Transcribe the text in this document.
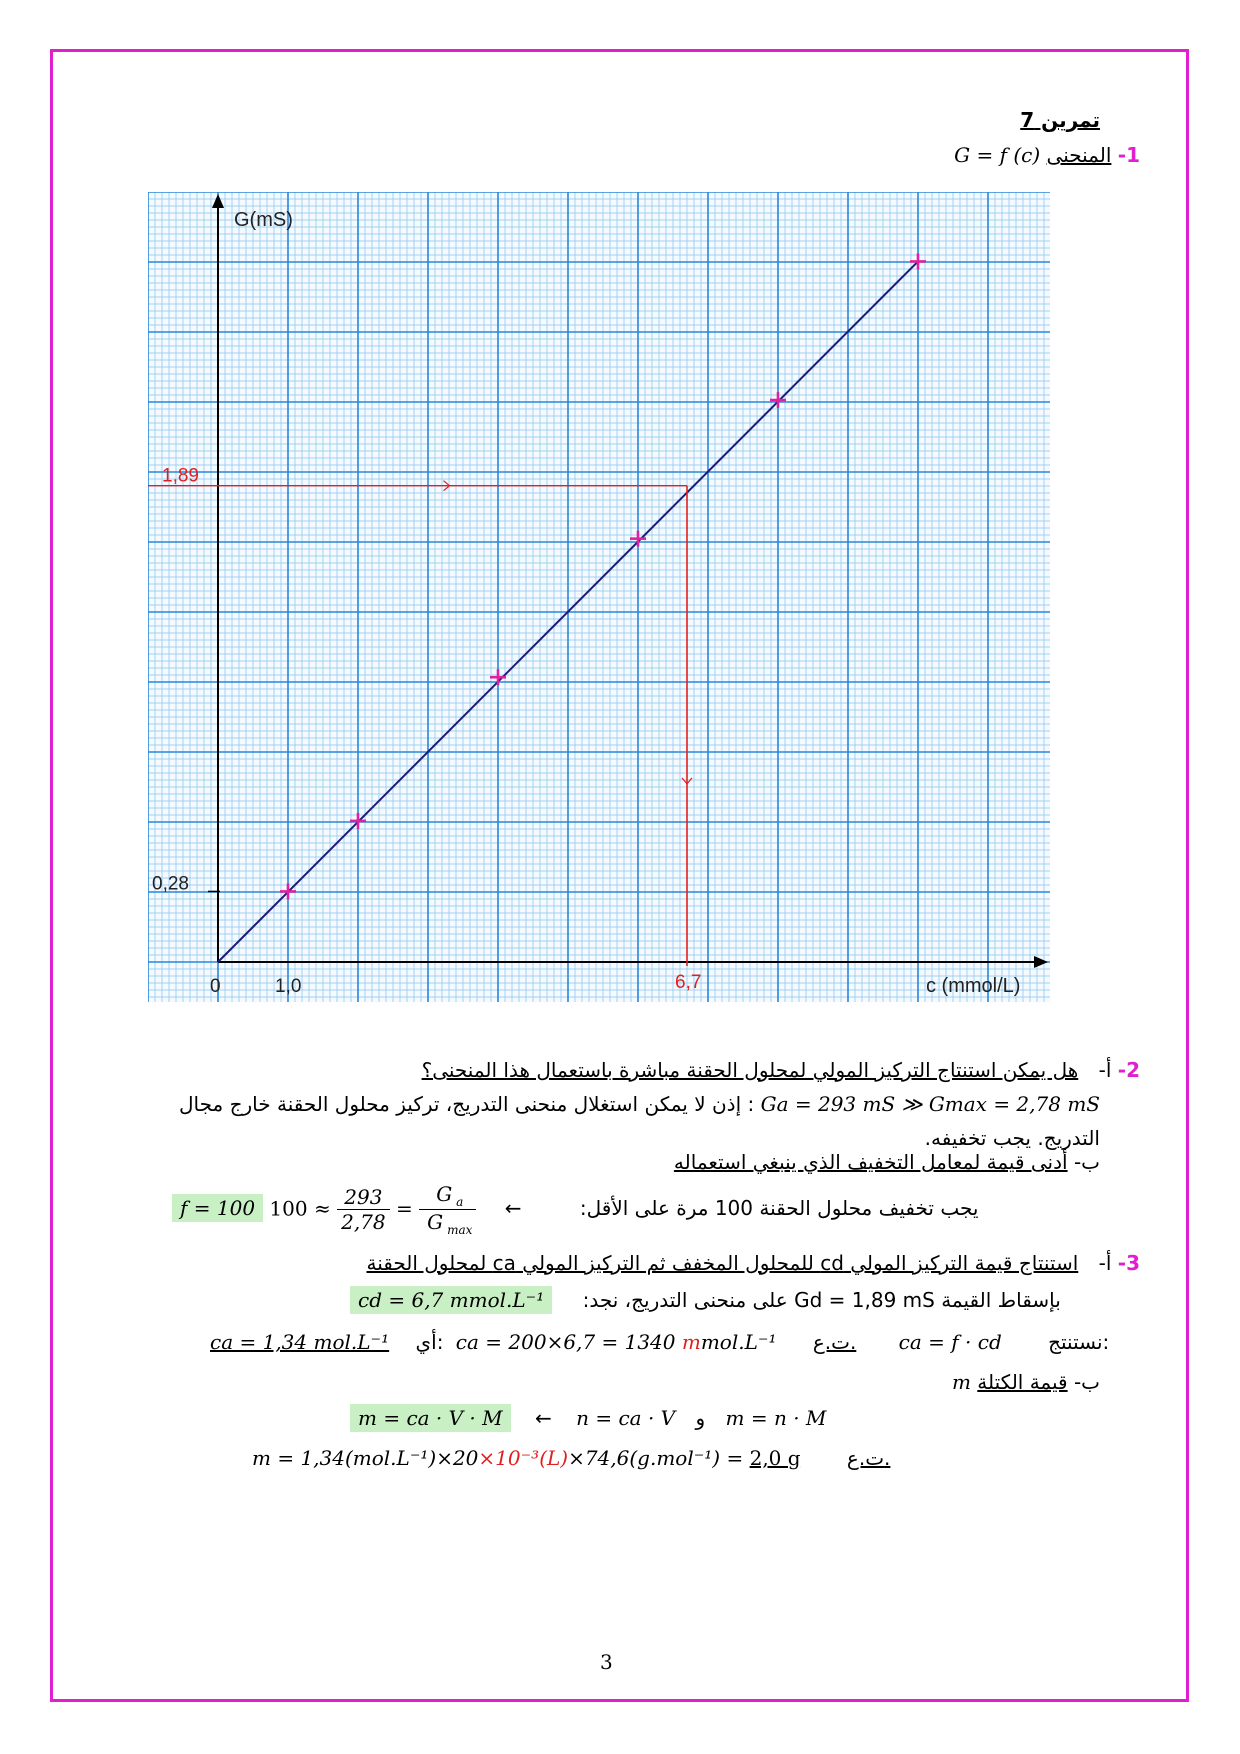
تمرين 7
1- المنحنى G = f (c)
G(mS)
c (mmol/L)
0	1,0
0,28
1,89
6,7
2- أ- هل يمكن استنتاج التركيز المولي لمحلول الحقنة مباشرة باستعمال هذا المنحنى؟
Ga = 293 mS ≫ Gmax = 2,78 mS : إذن لا يمكن استغلال منحنى التدريج، تركيز محلول الحقنة خارج مجال
التدريج. يجب تخفيفه.
ب- أدنى قيمة لمعامل التخفيف الذي ينبغي استعماله
f = 100	يجب تخفيف محلول الحقنة 100 مرة على الأقل: ←
$\frac{G _a}{G _{max}}$
=
$\frac{293}{2,78}$
≈ 100
3- أ- استنتاج قيمة التركيز المولي cd للمحلول المخفف ثم التركيز المولي ca لمحلول الحقنة
cd = 6,7 mmol.L⁻¹ بإسقاط القيمة Gd = 1,89 mS على منحنى التدريج، نجد:
ca = 1,34 mol.L⁻¹ أي: ca = 200×6,7 = 1340 mmol.L⁻¹ ت.ع. ca = f · cd نستنتج:
ب- قيمة الكتلة m
m = ca · V · M ← n = ca · V و m = n · M
m = 1,34(mol.L⁻¹)×20×10⁻³(L)×74,6(g.mol⁻¹) = 2,0 g ت.ع.
3
